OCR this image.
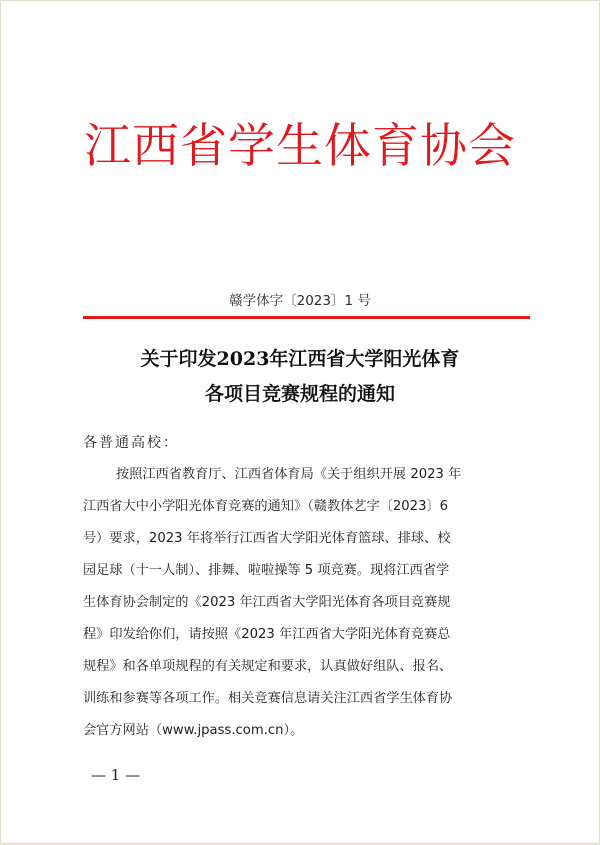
江西省学生体育协会
赣学体字〔2023〕1 号
关于印发2023年江西省大学阳光体育
各项目竞赛规程的通知
各普通高校：
按照江西省教育厅、江西省体育局《关于组织开展 2023 年
江西省大中小学阳光体育竞赛的通知》（赣教体艺字〔2023〕6
号）要求，2023 年将举行江西省大学阳光体育篮球、排球、校
园足球（十一人制）、排舞、啦啦操等 5 项竞赛。现将江西省学
生体育协会制定的《2023 年江西省大学阳光体育各项目竞赛规
程》印发给你们，请按照《2023 年江西省大学阳光体育竞赛总
规程》和各单项规程的有关规定和要求，认真做好组队、报名、
训练和参赛等各项工作。相关竞赛信息请关注江西省学生体育协
会官方网站（www.jpass.com.cn）。
— 1 —
